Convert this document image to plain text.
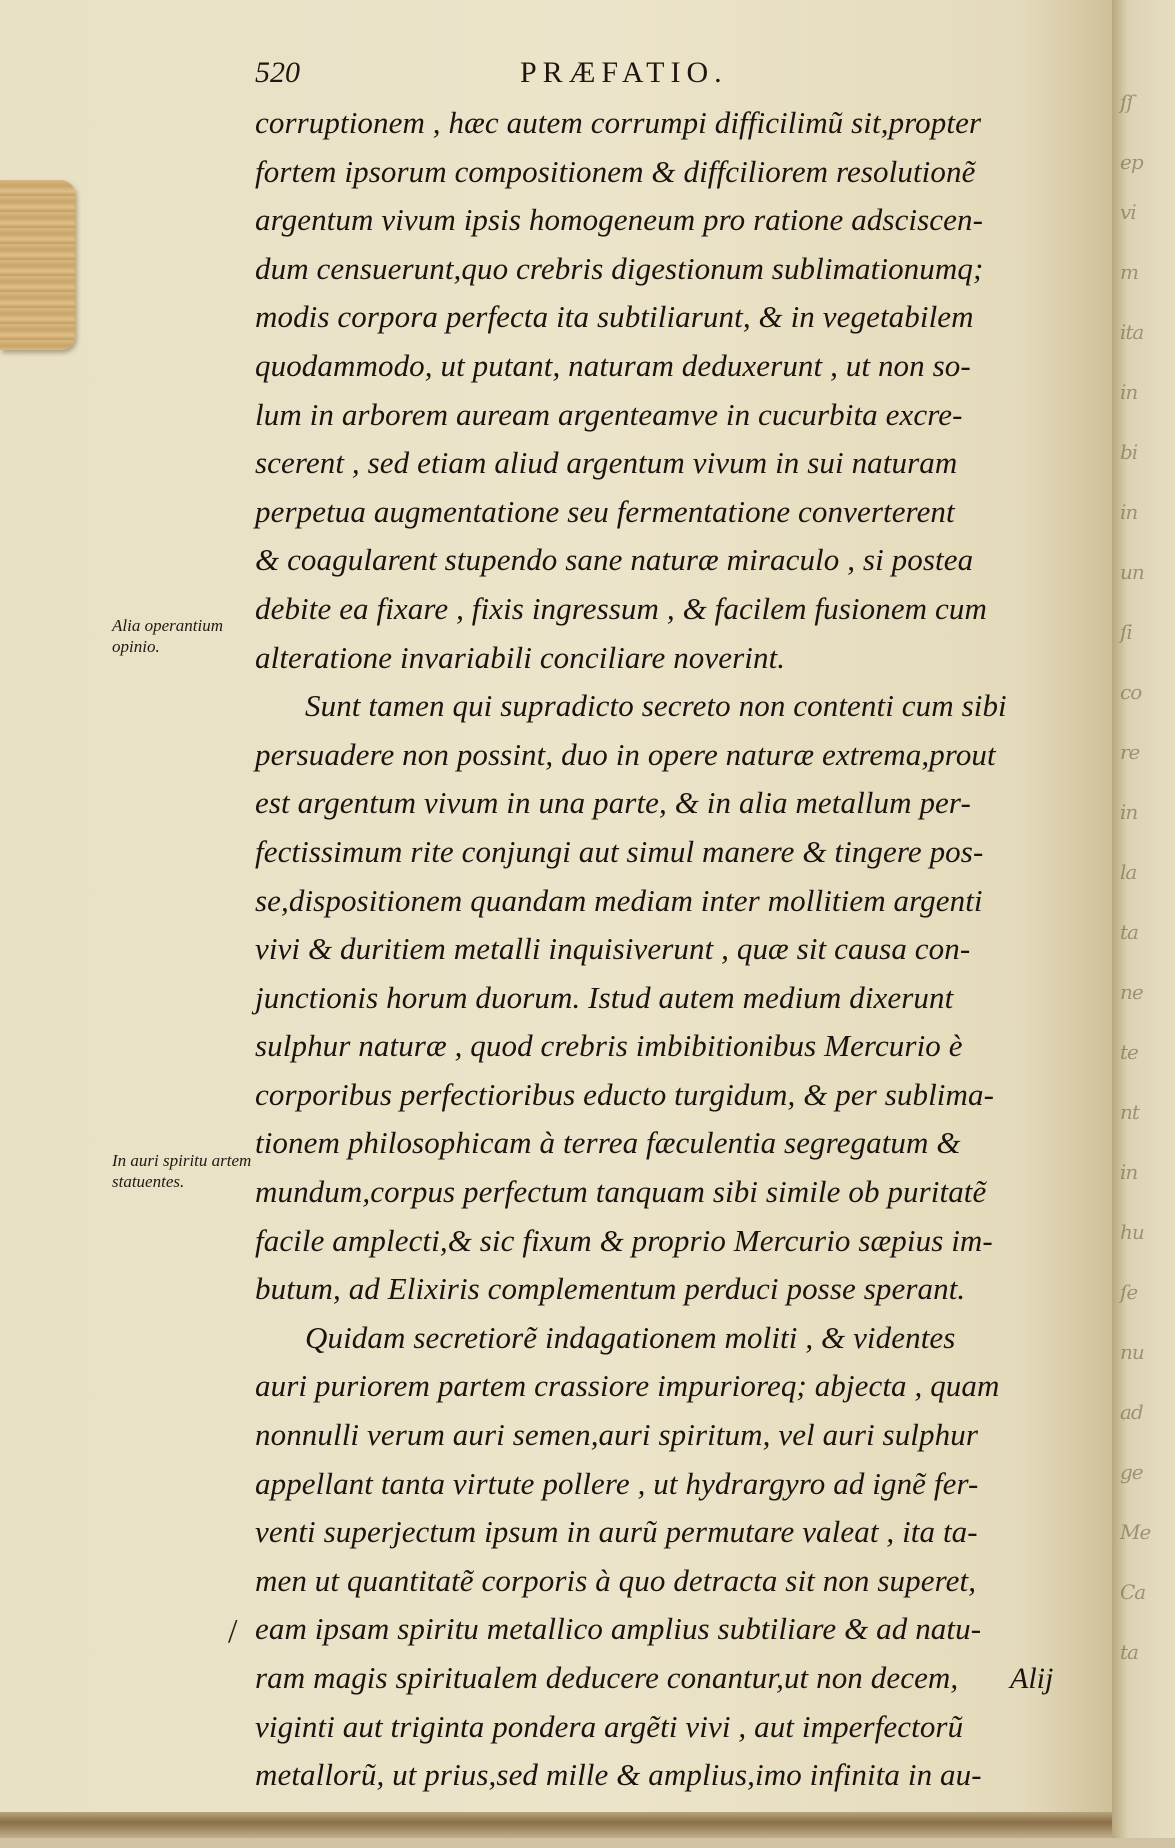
520	PRÆFATIO.
Alia operantium opinio.
In auri spiritu artem statuentes.
corruptionem , hæc autem corrumpi difficilimũ sit,propter
fortem ipsorum compositionem & diffciliorem resolutionẽ
argentum vivum ipsis homogeneum pro ratione adsciscen-
dum censuerunt,quo crebris digestionum sublimationumq;
modis corpora perfecta ita subtiliarunt, & in vegetabilem
quodammodo, ut putant, naturam deduxerunt , ut non so-
lum in arborem auream argenteamve in cucurbita excre-
scerent , sed etiam aliud argentum vivum in sui naturam
perpetua augmentatione seu fermentatione converterent
& coagularent stupendo sane naturæ miraculo , si postea
debite ea fixare , fixis ingressum , & facilem fusionem cum
alteratione invariabili conciliare noverint.
Sunt tamen qui supradicto secreto non contenti cum sibi
persuadere non possint, duo in opere naturæ extrema,prout
est argentum vivum in una parte, & in alia metallum per-
fectissimum rite conjungi aut simul manere & tingere pos-
se,dispositionem quandam mediam inter mollitiem argenti
vivi & duritiem metalli inquisiverunt , quæ sit causa con-
junctionis horum duorum. Istud autem medium dixerunt
sulphur naturæ , quod crebris imbibitionibus Mercurio è
corporibus perfectioribus educto turgidum, & per sublima-
tionem philosophicam à terrea fæculentia segregatum &
mundum,corpus perfectum tanquam sibi simile ob puritatẽ
facile amplecti,& sic fixum & proprio Mercurio sæpius im-
butum, ad Elixiris complementum perduci posse sperant.
Quidam secretiorẽ indagationem moliti , & videntes
auri puriorem partem crassiore impurioreq; abjecta , quam
nonnulli verum auri semen,auri spiritum, vel auri sulphur
appellant tanta virtute pollere , ut hydrargyro ad ignẽ fer-
venti superjectum ipsum in aurũ permutare valeat , ita ta-
men ut quantitatẽ corporis à quo detracta sit non superet,
eam ipsam spiritu metallico amplius subtiliare & ad natu-
ram magis spiritualem deducere conantur,ut non decem,
viginti aut triginta pondera argẽti vivi , aut imperfectorũ
metallorũ, ut prius,sed mille & amplius,imo infinita in au-
/
Alij
ſſ
ep
vi
m
ita
in
bi
in
un
ſi
co
re
in
la
ta
ne
te
nt
in
hu
ſe
nu
ad
ge
Me
Ca
ta
